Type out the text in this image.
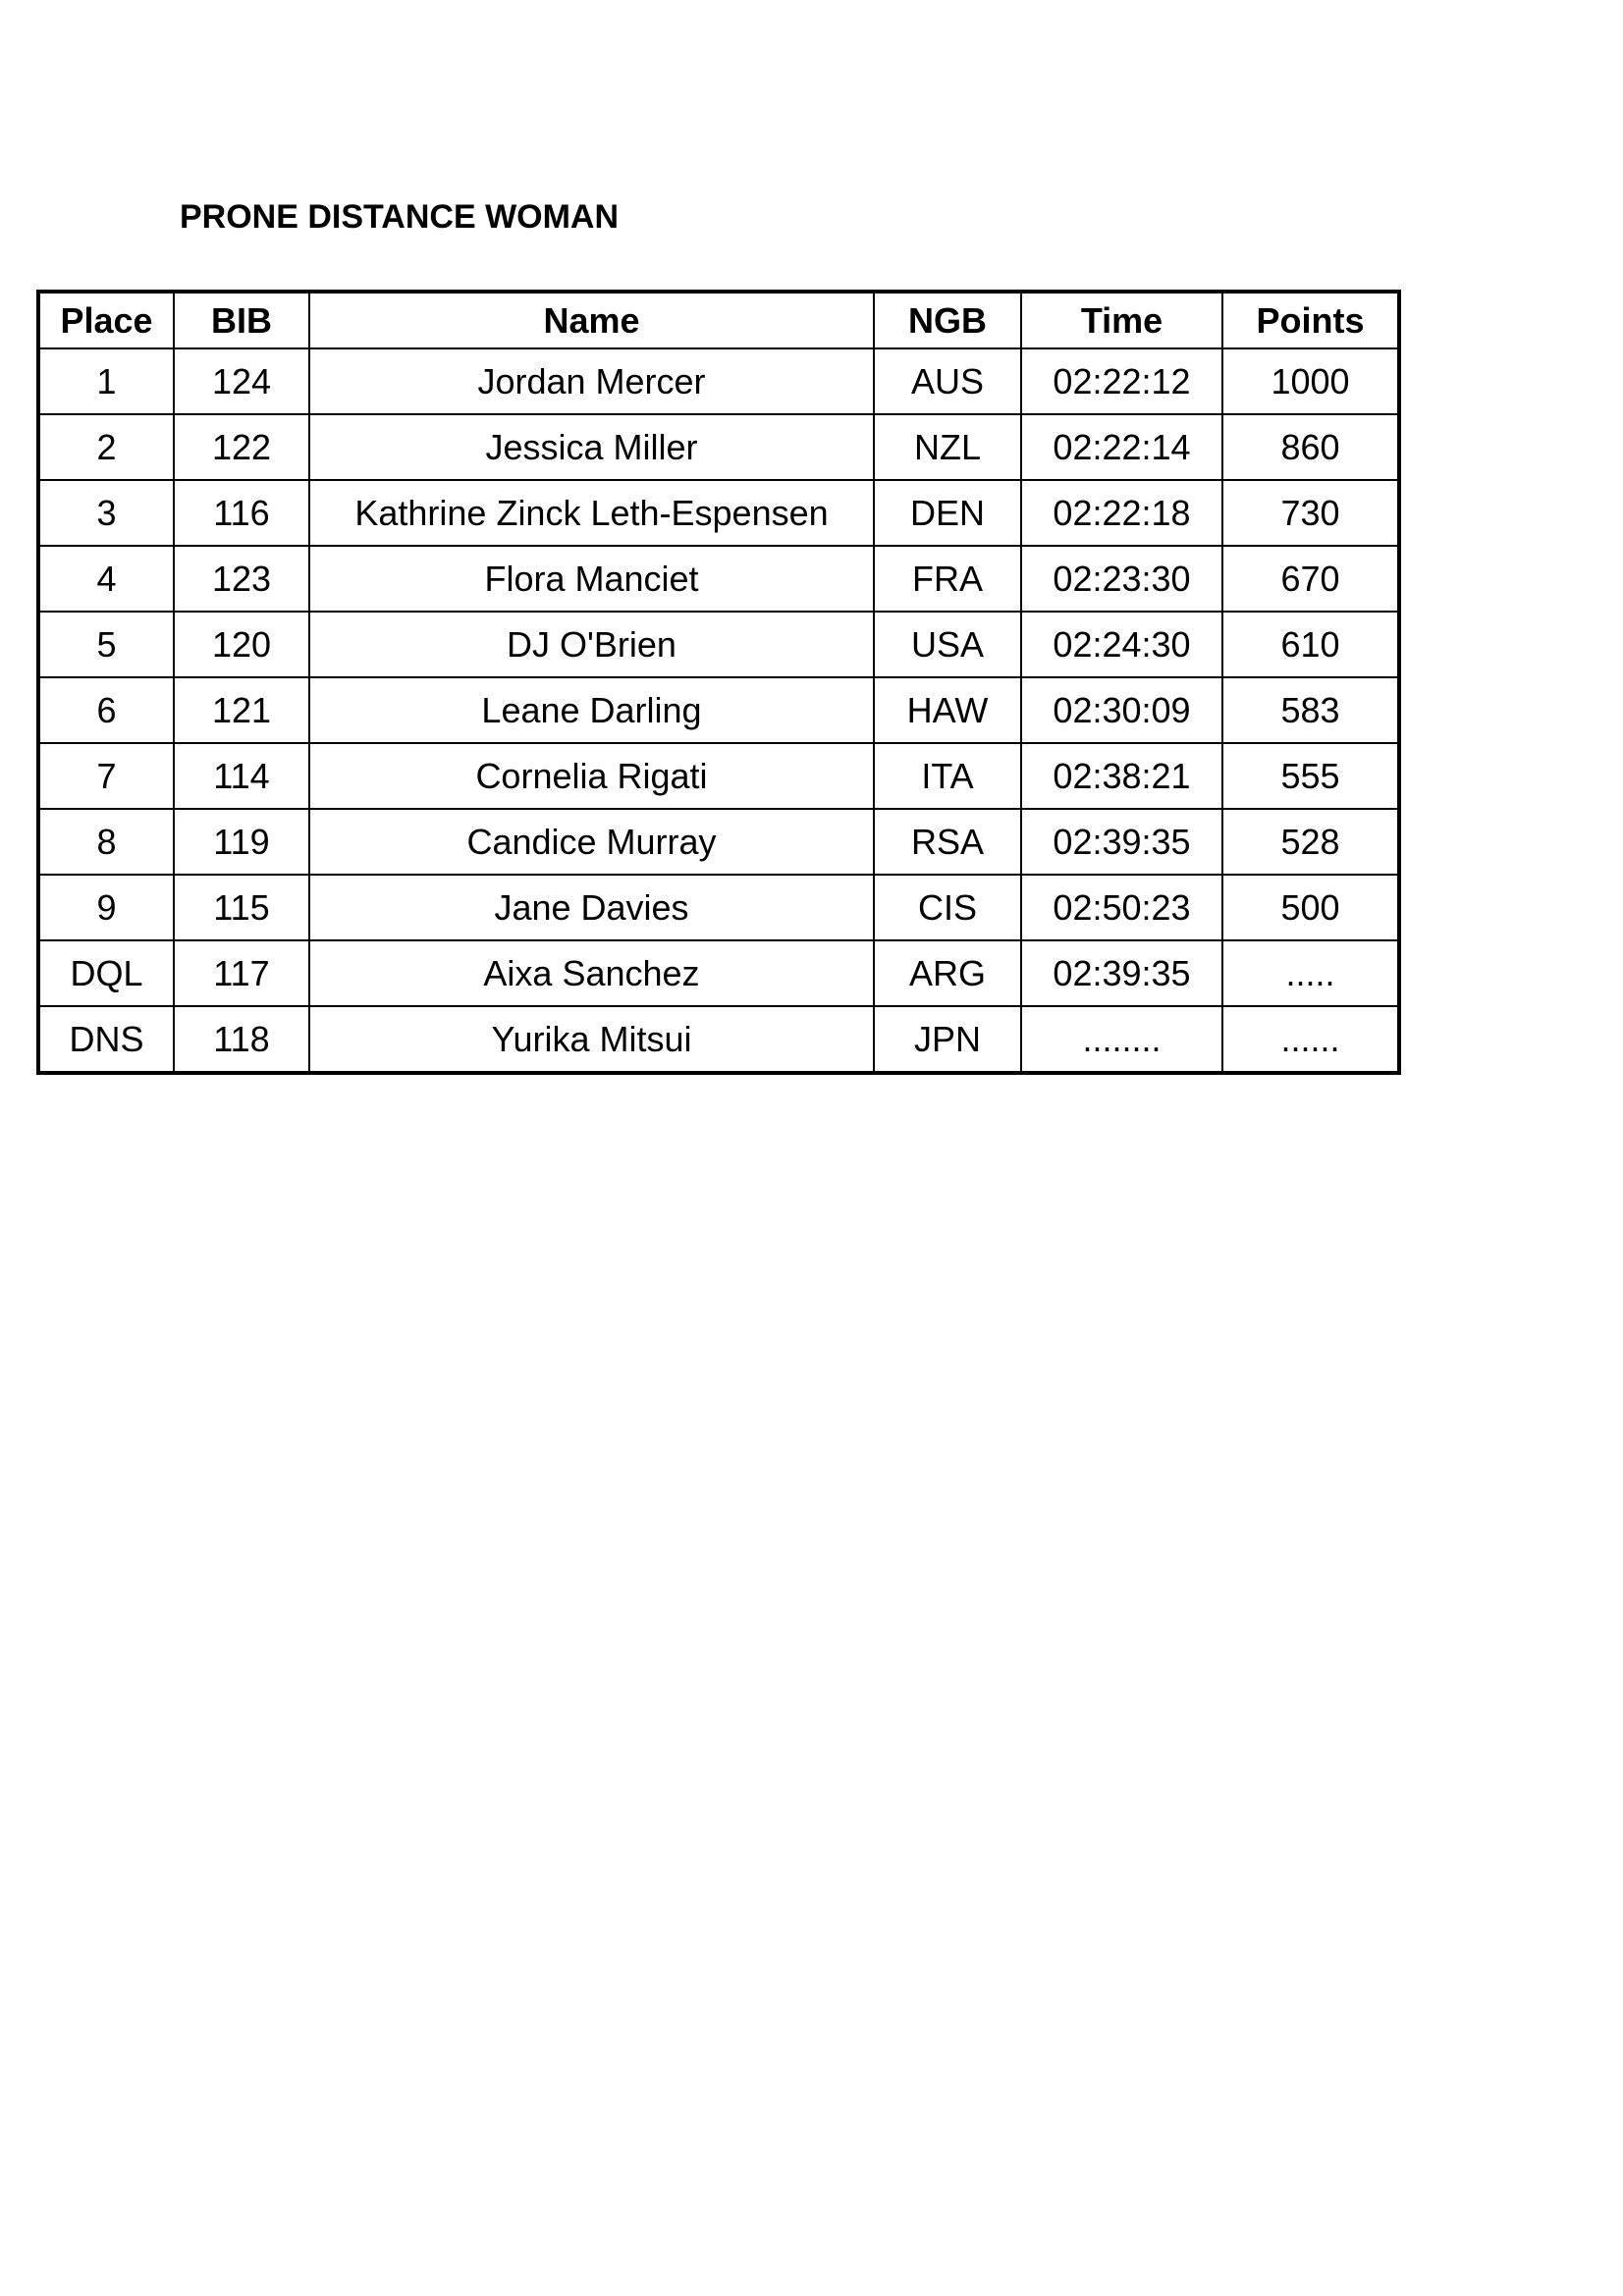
PRONE DISTANCE WOMAN
Place	BIB	Name	NGB	Time	Points
1	124	Jordan Mercer	AUS	02:22:12	1000
2	122	Jessica Miller	NZL	02:22:14	860
3	116	Kathrine Zinck Leth-Espensen	DEN	02:22:18	730
4	123	Flora Manciet	FRA	02:23:30	670
5	120	DJ O'Brien	USA	02:24:30	610
6	121	Leane Darling	HAW	02:30:09	583
7	114	Cornelia Rigati	ITA	02:38:21	555
8	119	Candice Murray	RSA	02:39:35	528
9	115	Jane Davies	CIS	02:50:23	500
DQL	117	Aixa Sanchez	ARG	02:39:35	.....
DNS	118	Yurika Mitsui	JPN	........	......
